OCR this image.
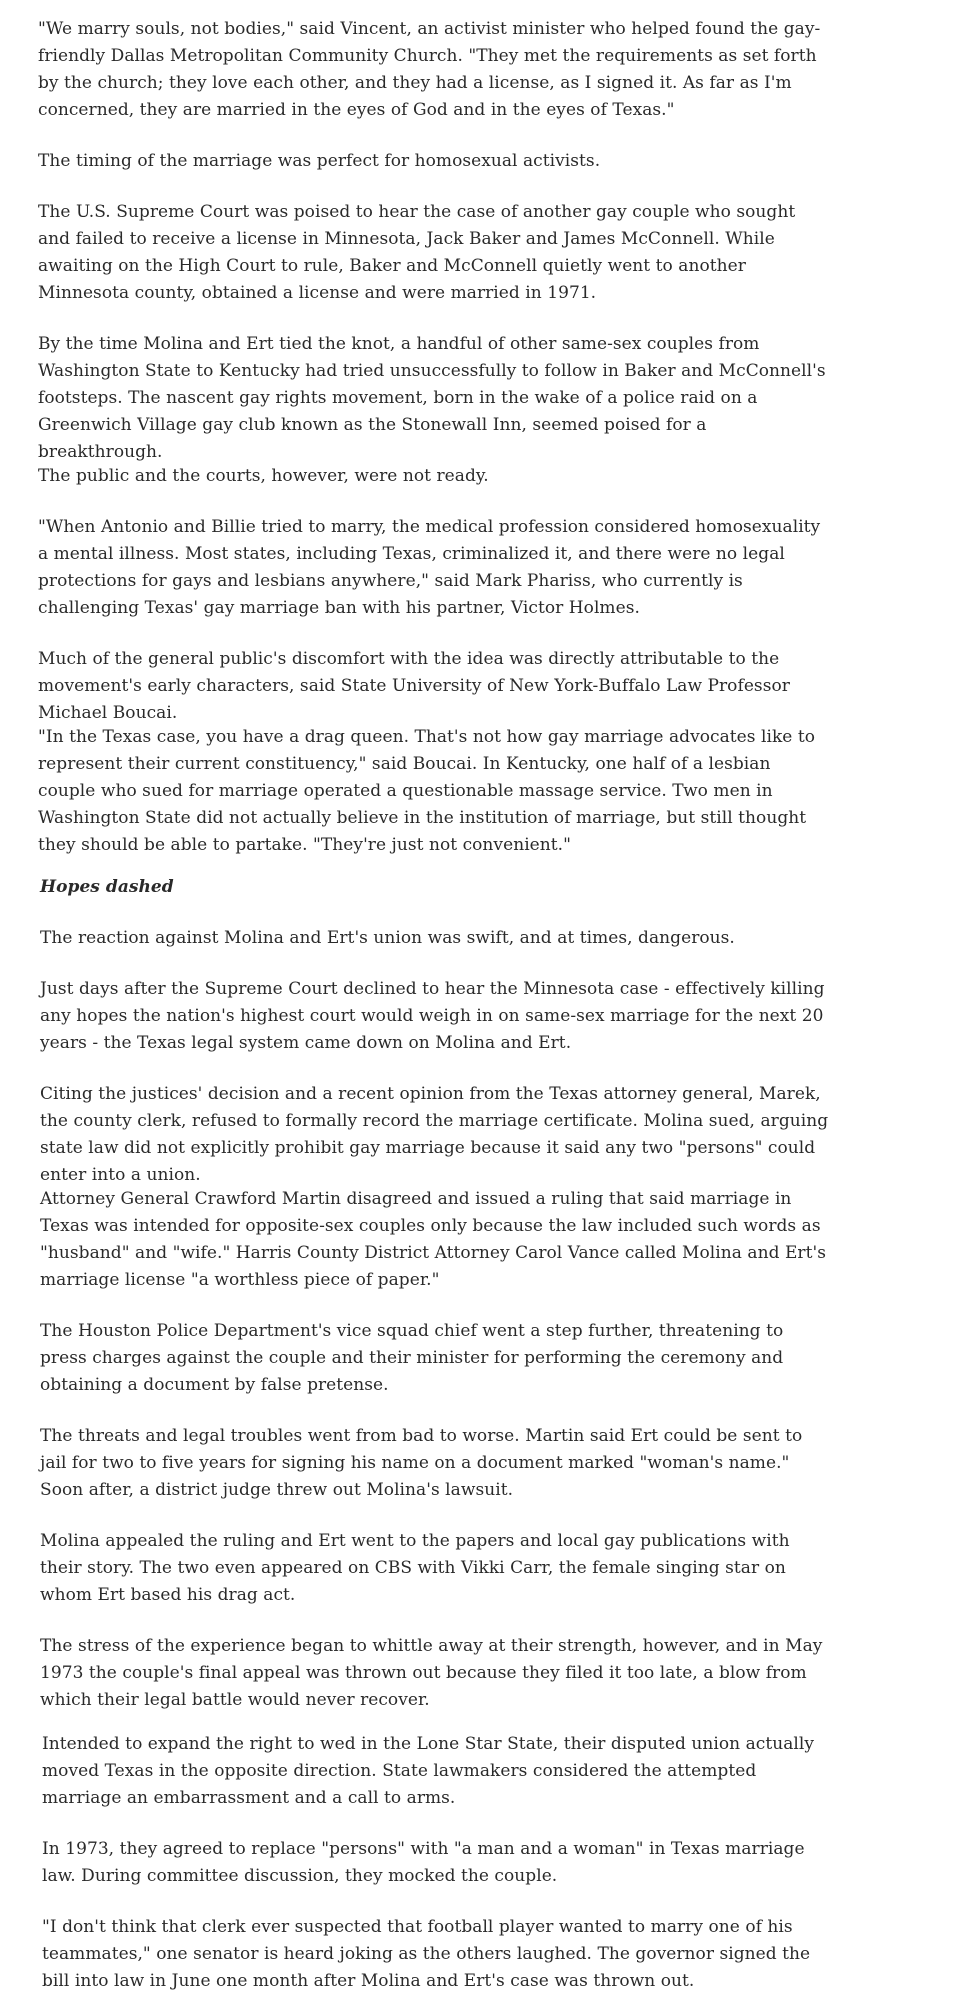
"We marry souls, not bodies," said Vincent, an activist minister who helped found the gay-friendly Dallas Metropolitan Community Church. "They met the requirements as set forth by the church; they love each other, and they had a license, as I signed it. As far as I'm concerned, they are married in the eyes of God and in the eyes of Texas."

The timing of the marriage was perfect for homosexual activists.

The U.S. Supreme Court was poised to hear the case of another gay couple who sought and failed to receive a license in Minnesota, Jack Baker and James McConnell. While awaiting on the High Court to rule, Baker and McConnell quietly went to another Minnesota county, obtained a license and were married in 1971.

By the time Molina and Ert tied the knot, a handful of other same-sex couples from Washington State to Kentucky had tried unsuccessfully to follow in Baker and McConnell's footsteps. The nascent gay rights movement, born in the wake of a police raid on a Greenwich Village gay club known as the Stonewall Inn, seemed poised for a breakthrough.

The public and the courts, however, were not ready.

"When Antonio and Billie tried to marry, the medical profession considered homosexuality a mental illness. Most states, including Texas, criminalized it, and there were no legal protections for gays and lesbians anywhere," said Mark Phariss, who currently is challenging Texas' gay marriage ban with his partner, Victor Holmes.

Much of the general public's discomfort with the idea was directly attributable to the movement's early characters, said State University of New York-Buffalo Law Professor Michael Boucai.

"In the Texas case, you have a drag queen. That's not how gay marriage advocates like to represent their current constituency," said Boucai. In Kentucky, one half of a lesbian couple who sued for marriage operated a questionable massage service. Two men in Washington State did not actually believe in the institution of marriage, but still thought they should be able to partake. "They're just not convenient."

Hopes dashed

The reaction against Molina and Ert's union was swift, and at times, dangerous.

Just days after the Supreme Court declined to hear the Minnesota case - effectively killing any hopes the nation's highest court would weigh in on same-sex marriage for the next 20 years - the Texas legal system came down on Molina and Ert.

Citing the justices' decision and a recent opinion from the Texas attorney general, Marek, the county clerk, refused to formally record the marriage certificate. Molina sued, arguing state law did not explicitly prohibit gay marriage because it said any two "persons" could enter into a union.

Attorney General Crawford Martin disagreed and issued a ruling that said marriage in Texas was intended for opposite-sex couples only because the law included such words as "husband" and "wife." Harris County District Attorney Carol Vance called Molina and Ert's marriage license "a worthless piece of paper."

The Houston Police Department's vice squad chief went a step further, threatening to press charges against the couple and their minister for performing the ceremony and obtaining a document by false pretense.

The threats and legal troubles went from bad to worse. Martin said Ert could be sent to jail for two to five years for signing his name on a document marked "woman's name." Soon after, a district judge threw out Molina's lawsuit.

Molina appealed the ruling and Ert went to the papers and local gay publications with their story. The two even appeared on CBS with Vikki Carr, the female singing star on whom Ert based his drag act.

The stress of the experience began to whittle away at their strength, however, and in May 1973 the couple's final appeal was thrown out because they filed it too late, a blow from which their legal battle would never recover.

Intended to expand the right to wed in the Lone Star State, their disputed union actually moved Texas in the opposite direction. State lawmakers considered the attempted marriage an embarrassment and a call to arms.

In 1973, they agreed to replace "persons" with "a man and a woman" in Texas marriage law. During committee discussion, they mocked the couple.

"I don't think that clerk ever suspected that football player wanted to marry one of his teammates," one senator is heard joking as the others laughed. The governor signed the bill into law in June one month after Molina and Ert's case was thrown out.
